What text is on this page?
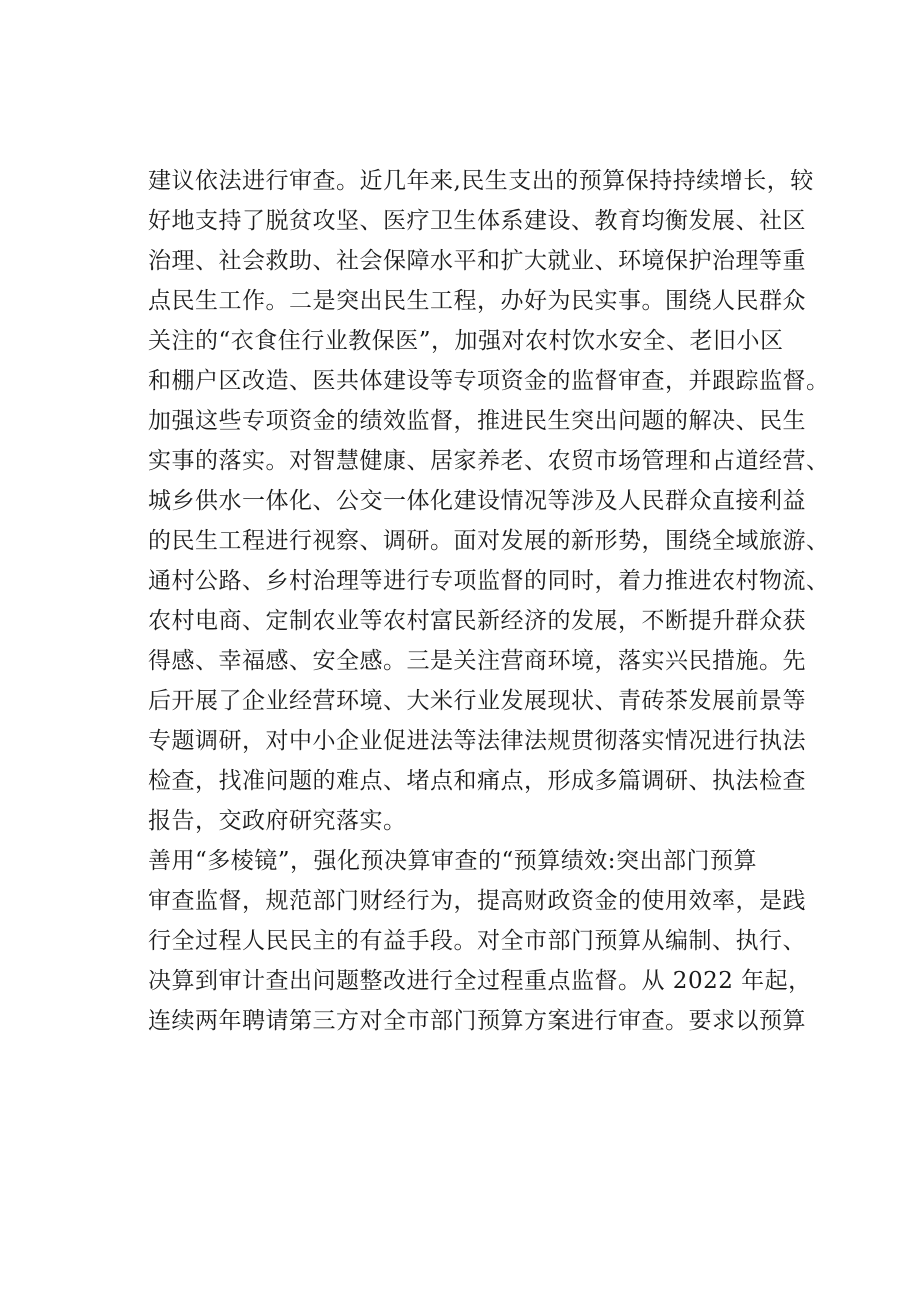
建议依法进行审查。近几年来,民生支出的预算保持持续增长，较
好地支持了脱贫攻坚、医疗卫生体系建设、教育均衡发展、社区
治理、社会救助、社会保障水平和扩大就业、环境保护治理等重
点民生工作。二是突出民生工程，办好为民实事。围绕人民群众
关注的“衣食住行业教保医”，加强对农村饮水安全、老旧小区
和棚户区改造、医共体建设等专项资金的监督审查，并跟踪监督。
加强这些专项资金的绩效监督，推进民生突出问题的解决、民生
实事的落实。对智慧健康、居家养老、农贸市场管理和占道经营、
城乡供水一体化、公交一体化建设情况等涉及人民群众直接利益
的民生工程进行视察、调研。面对发展的新形势，围绕全域旅游、
通村公路、乡村治理等进行专项监督的同时，着力推进农村物流、
农村电商、定制农业等农村富民新经济的发展，不断提升群众获
得感、幸福感、安全感。三是关注营商环境，落实兴民措施。先
后开展了企业经营环境、大米行业发展现状、青砖茶发展前景等
专题调研，对中小企业促进法等法律法规贯彻落实情况进行执法
检查，找准问题的难点、堵点和痛点，形成多篇调研、执法检查
报告，交政府研究落实。
善用“多棱镜”，强化预决算审查的“预算绩效:突出部门预算
审查监督，规范部门财经行为，提高财政资金的使用效率，是践
行全过程人民民主的有益手段。对全市部门预算从编制、执行、
决算到审计查出问题整改进行全过程重点监督。从 2022 年起，
连续两年聘请第三方对全市部门预算方案进行审查。要求以预算
